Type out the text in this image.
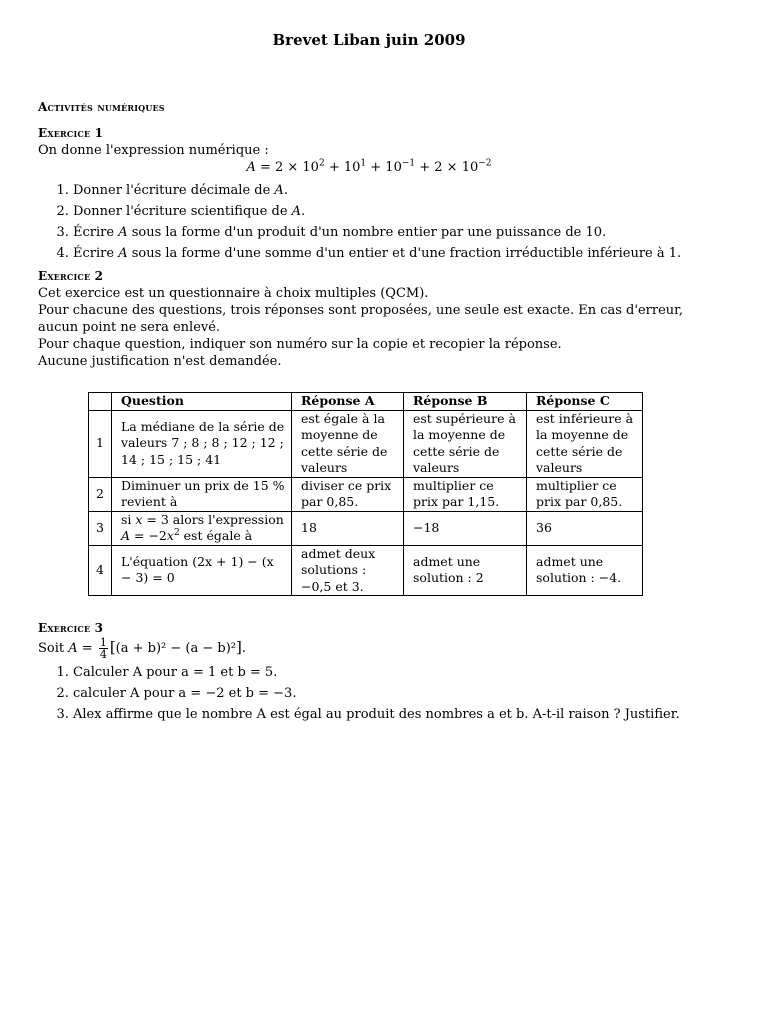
Brevet Liban juin 2009
Activités numériques
Exercice 1

On donne l'expression numérique :

$A = 2 \times 10^2 + 10^1 + 10^{-1} + 2 \times 10^{-2}$
1. Donner l'écriture décimale de A.
2. Donner l'écriture scientifique de A.
3. Écrire A sous la forme d'un produit d'un nombre entier par une puissance de 10.
4. Écrire A sous la forme d'une somme d'un entier et d'une fraction irréductible inférieure à 1.
Exercice 2

Cet exercice est un questionnaire à choix multiples (QCM).

Pour chacune des questions, trois réponses sont proposées, une seule est exacte. En cas d'erreur, aucun point ne sera enlevé.

Pour chaque question, indiquer son numéro sur la copie et recopier la réponse.

Aucune justification n'est demandée.

	Question	Réponse A	Réponse B	Réponse C
1	La médiane de la série de valeurs 7 ; 8 ; 8 ; 12 ; 12 ; 14 ; 15 ; 15 ; 41	est égale à la moyenne de cette série de valeurs	est supérieure à la moyenne de cette série de valeurs	est inférieure à la moyenne de cette série de valeurs
2	Diminuer un prix de 15 % revient à	diviser ce prix par 0,85.	multiplier ce prix par 1,15.	multiplier ce prix par 0,85.
3	si x = 3 alors l'expression $A = -2x^2$ est égale à	18	−18	36
4	L'équation (2x + 1) − (x − 3) = 0	admet deux solutions : −0,5 et 3.	admet une solution : 2	admet une solution : −4.
Exercice 3

Soit $A = \frac{1}{4} [(a + b)^2 - (a - b)^2]$.

1. Calculer A pour a = 1 et b = 5.
2. calculer A pour a = −2 et b = −3.
3. Alex affirme que le nombre A est égal au produit des nombres a et b. A-t-il raison ? Justifier.
